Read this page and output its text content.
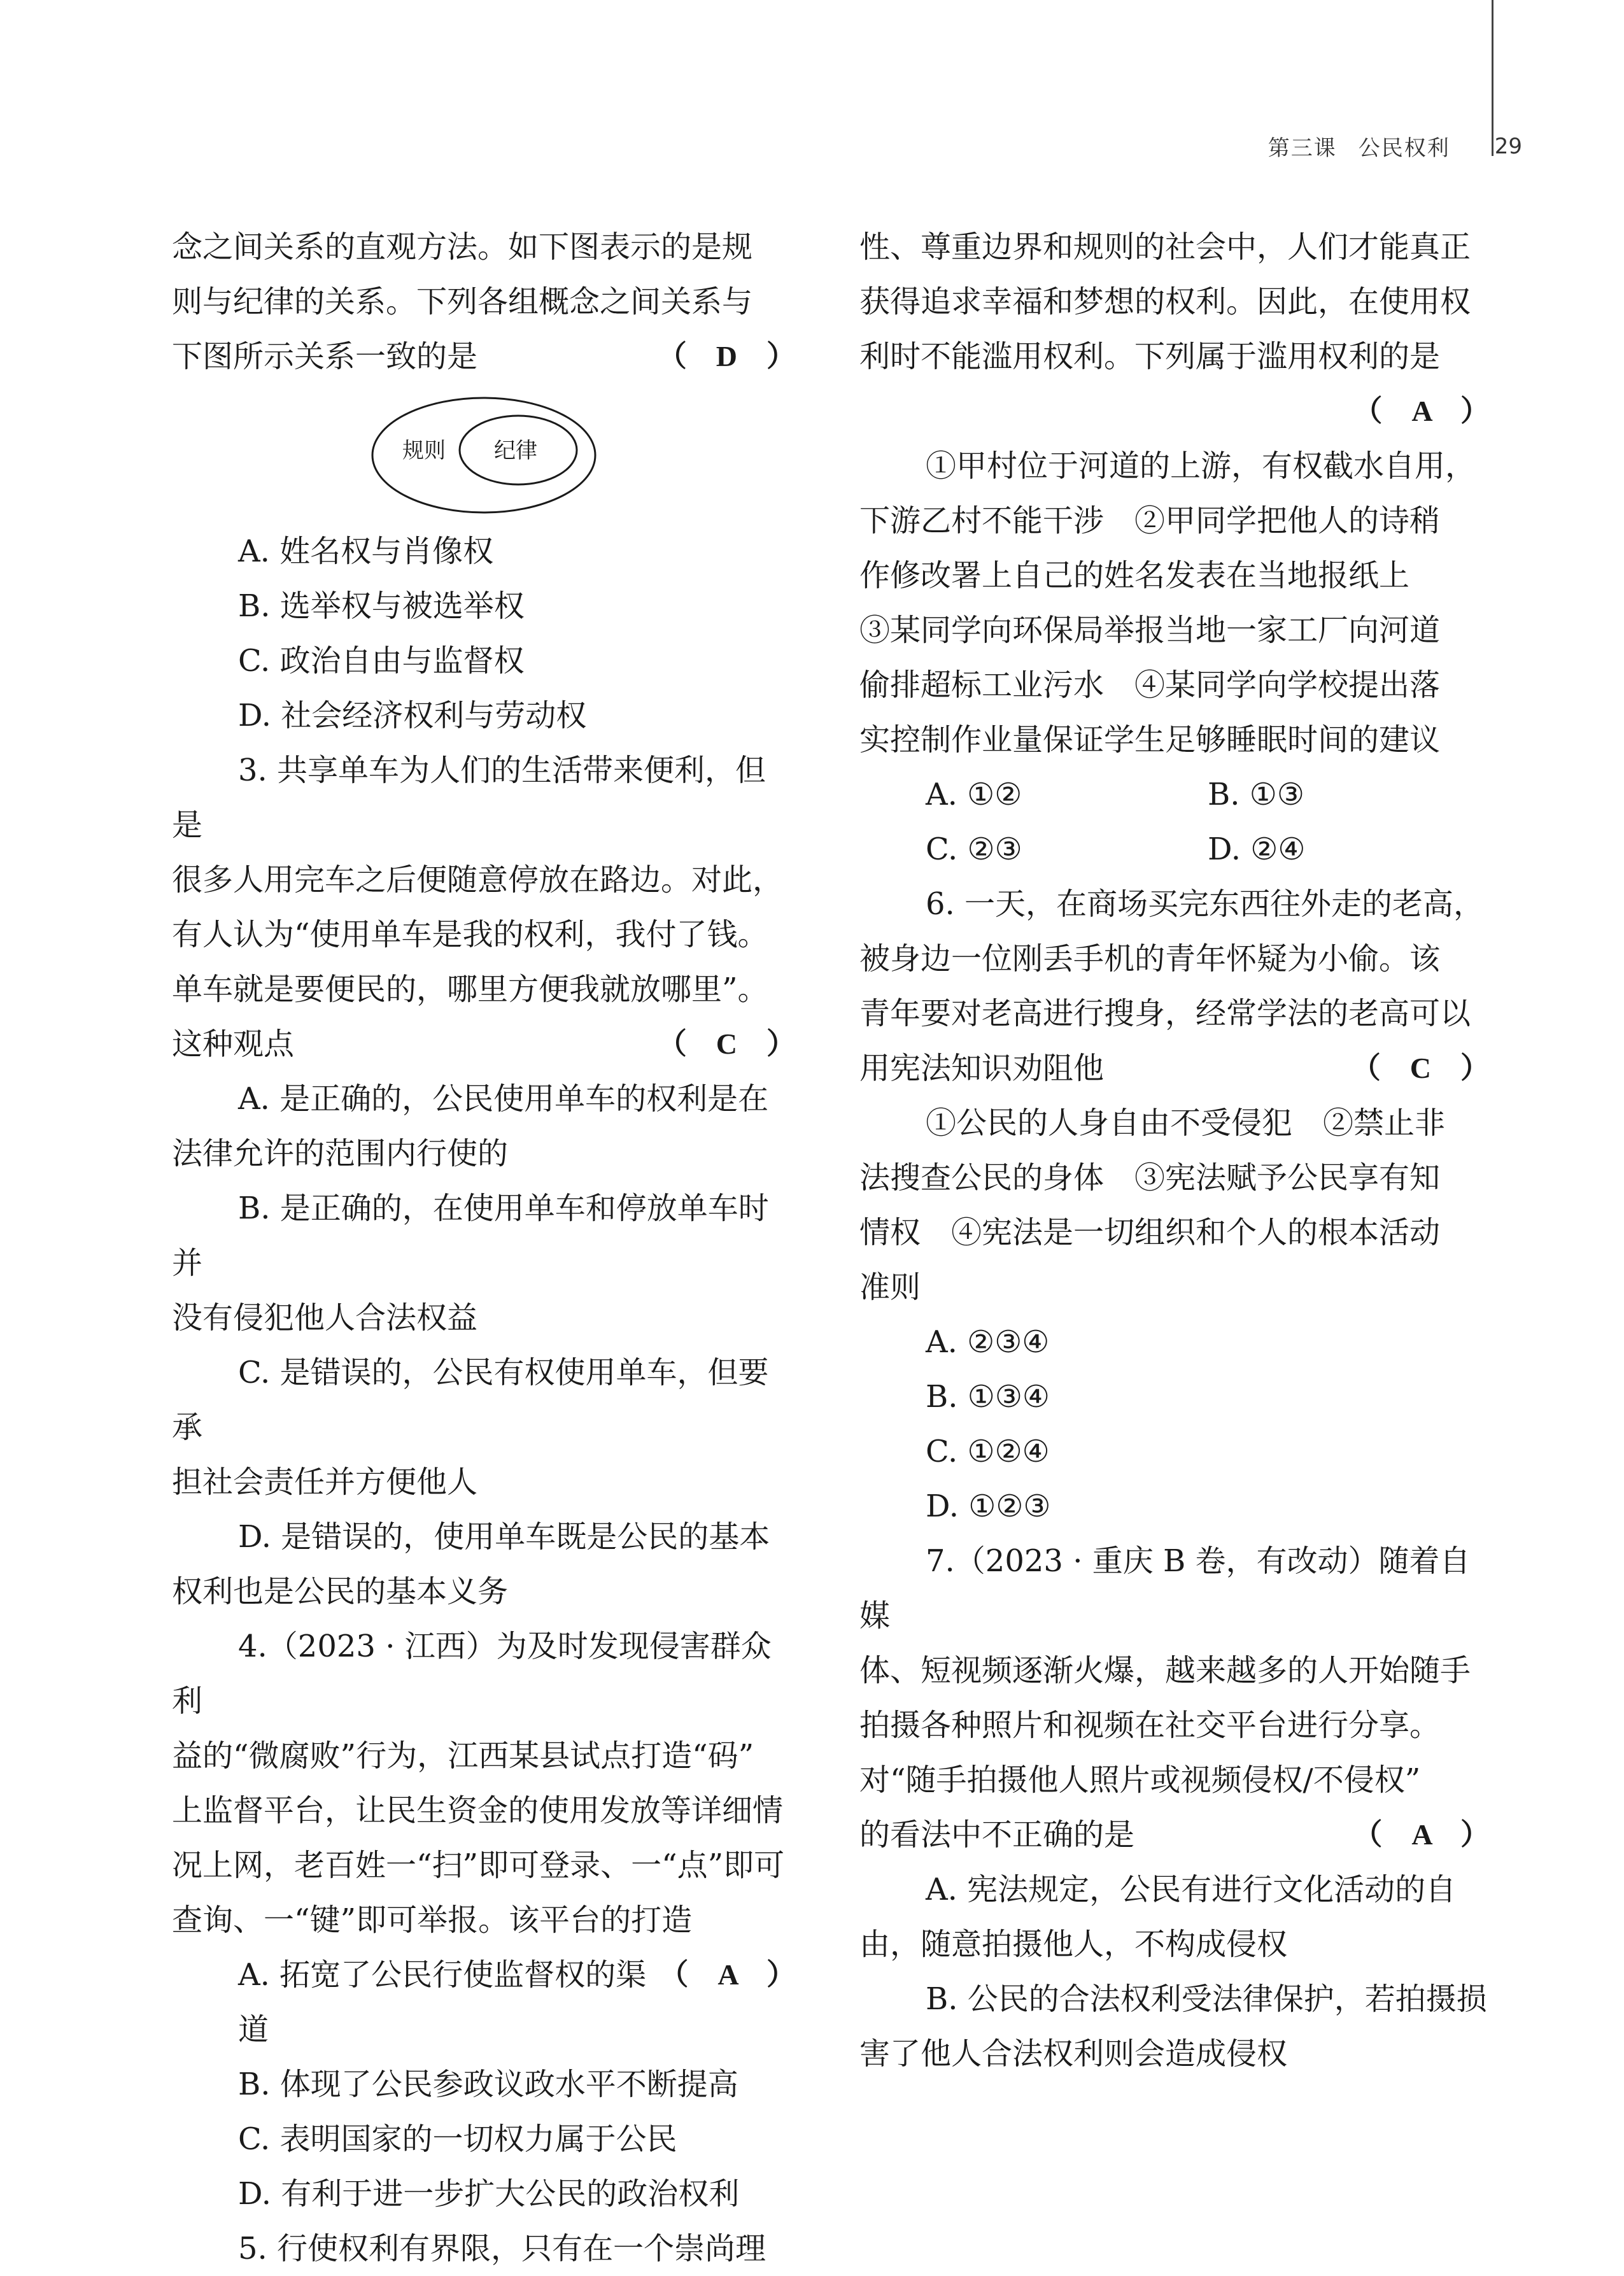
第三课 公民权利 29

念之间关系的直观方法。如下图表示的是规

则与纪律的关系。下列各组概念之间关系与

下图所示关系一致的是	（　D　）

规则 纪律

A. 姓名权与肖像权

B. 选举权与被选举权

C. 政治自由与监督权

D. 社会经济权利与劳动权

3. 共享单车为人们的生活带来便利，但是

很多人用完车之后便随意停放在路边。对此，

有人认为“使用单车是我的权利，我付了钱。

单车就是要便民的，哪里方便我就放哪里”。

这种观点	（　C　）

A. 是正确的，公民使用单车的权利是在

法律允许的范围内行使的

B. 是正确的，在使用单车和停放单车时并

没有侵犯他人合法权益

C. 是错误的，公民有权使用单车，但要承

担社会责任并方便他人

D. 是错误的，使用单车既是公民的基本

权利也是公民的基本义务

4.（2023 · 江西）为及时发现侵害群众利

益的“微腐败”行为，江西某县试点打造“码”

上监督平台，让民生资金的使用发放等详细情

况上网，老百姓一“扫”即可登录、一“点”即可

查询、一“键”即可举报。该平台的打造
（　A　）

A. 拓宽了公民行使监督权的渠道

B. 体现了公民参政议政水平不断提高

C. 表明国家的一切权力属于公民

D. 有利于进一步扩大公民的政治权利

5. 行使权利有界限，只有在一个崇尚理

性、尊重边界和规则的社会中，人们才能真正

获得追求幸福和梦想的权利。因此，在使用权

利时不能滥用权利。下列属于滥用权利的是

（　A　）

①甲村位于河道的上游，有权截水自用，

下游乙村不能干涉　②甲同学把他人的诗稍

作修改署上自己的姓名发表在当地报纸上

③某同学向环保局举报当地一家工厂向河道

偷排超标工业污水　④某同学向学校提出落

实控制作业量保证学生足够睡眠时间的建议

A. ①②	B. ①③

C. ②③	D. ②④

6. 一天，在商场买完东西往外走的老高，

被身边一位刚丢手机的青年怀疑为小偷。该

青年要对老高进行搜身，经常学法的老高可以

用宪法知识劝阻他	（　C　）

①公民的人身自由不受侵犯　②禁止非

法搜查公民的身体　③宪法赋予公民享有知

情权　④宪法是一切组织和个人的根本活动

准则

A. ②③④

B. ①③④

C. ①②④

D. ①②③

7.（2023 · 重庆 B 卷，有改动）随着自媒

体、短视频逐渐火爆，越来越多的人开始随手

拍摄各种照片和视频在社交平台进行分享。

对“随手拍摄他人照片或视频侵权/不侵权”

的看法中不正确的是	（　A　）

A. 宪法规定，公民有进行文化活动的自

由，随意拍摄他人，不构成侵权

B. 公民的合法权利受法律保护，若拍摄损

害了他人合法权利则会造成侵权
